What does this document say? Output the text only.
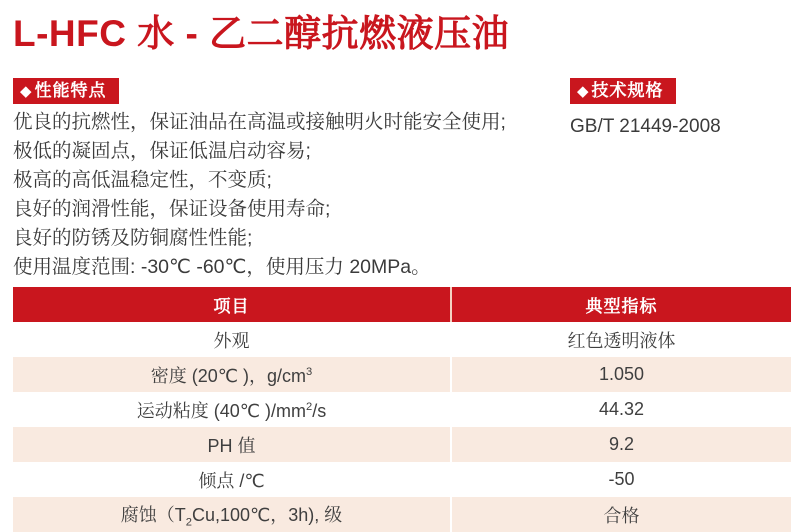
L-HFC 水 - 乙二醇抗燃液压油
◆ 性能特点
优良的抗燃性，保证油品在高温或接触明火时能安全使用;
极低的凝固点，保证低温启动容易;
极高的高低温稳定性，不变质;
良好的润滑性能，保证设备使用寿命;
良好的防锈及防铜腐性性能;
使用温度范围: -30℃ -60℃，使用压力 20MPa。
◆ 技术规格
GB/T 21449-2008
项目	典型指标
外观	红色透明液体
密度 (20℃ )，$g/cm^3$	1.050
运动粘度 (40℃ )$/mm^2/s$	44.32
PH 值	9.2
倾点 /℃	-50
腐蚀（$T_2Cu,100℃$，3h), 级	合格
